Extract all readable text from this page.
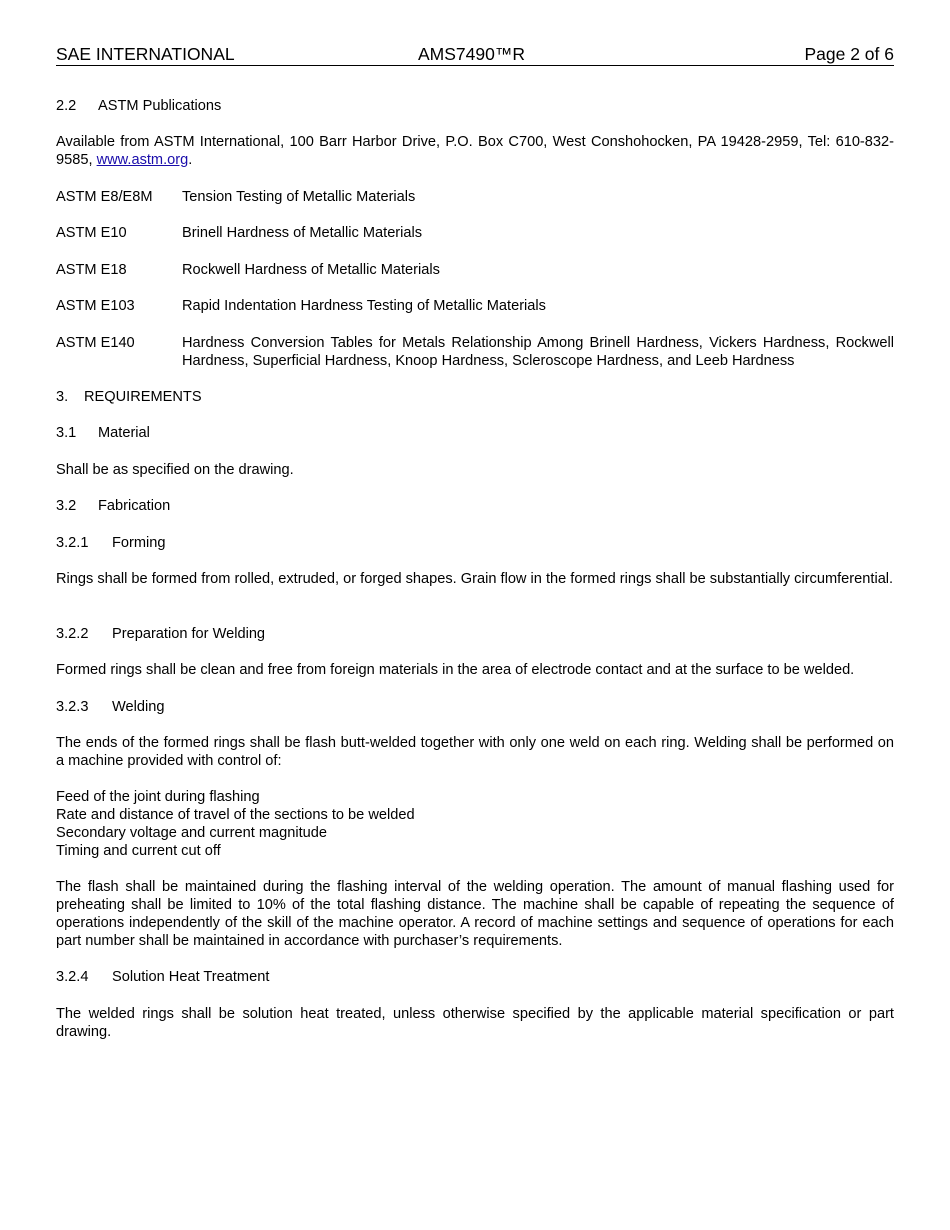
SAE INTERNATIONAL	AMS7490™R	Page 2 of 6
2.2 ASTM Publications
Available from ASTM International, 100 Barr Harbor Drive, P.O. Box C700, West Conshohocken, PA 19428-2959, Tel: 610-832-9585, www.astm.org.
ASTM E8/E8M Tension Testing of Metallic Materials
ASTM E10	Brinell Hardness of Metallic Materials
ASTM E18	Rockwell Hardness of Metallic Materials
ASTM E103	Rapid Indentation Hardness Testing of Metallic Materials
ASTM E140	Hardness Conversion Tables for Metals Relationship Among Brinell Hardness, Vickers Hardness, Rockwell Hardness, Superficial Hardness, Knoop Hardness, Scleroscope Hardness, and Leeb Hardness
3. REQUIREMENTS
3.1 Material
Shall be as specified on the drawing.
3.2 Fabrication
3.2.1 Forming
Rings shall be formed from rolled, extruded, or forged shapes. Grain flow in the formed rings shall be substantially circumferential.
3.2.2 Preparation for Welding
Formed rings shall be clean and free from foreign materials in the area of electrode contact and at the surface to be welded.
3.2.3 Welding
The ends of the formed rings shall be flash butt-welded together with only one weld on each ring. Welding shall be performed on a machine provided with control of:
Feed of the joint during flashing
Rate and distance of travel of the sections to be welded
Secondary voltage and current magnitude
Timing and current cut off
The flash shall be maintained during the flashing interval of the welding operation. The amount of manual flashing used for preheating shall be limited to 10% of the total flashing distance. The machine shall be capable of repeating the sequence of operations independently of the skill of the machine operator. A record of machine settings and sequence of operations for each part number shall be maintained in accordance with purchaser’s requirements.
3.2.4 Solution Heat Treatment
The welded rings shall be solution heat treated, unless otherwise specified by the applicable material specification or part drawing.
